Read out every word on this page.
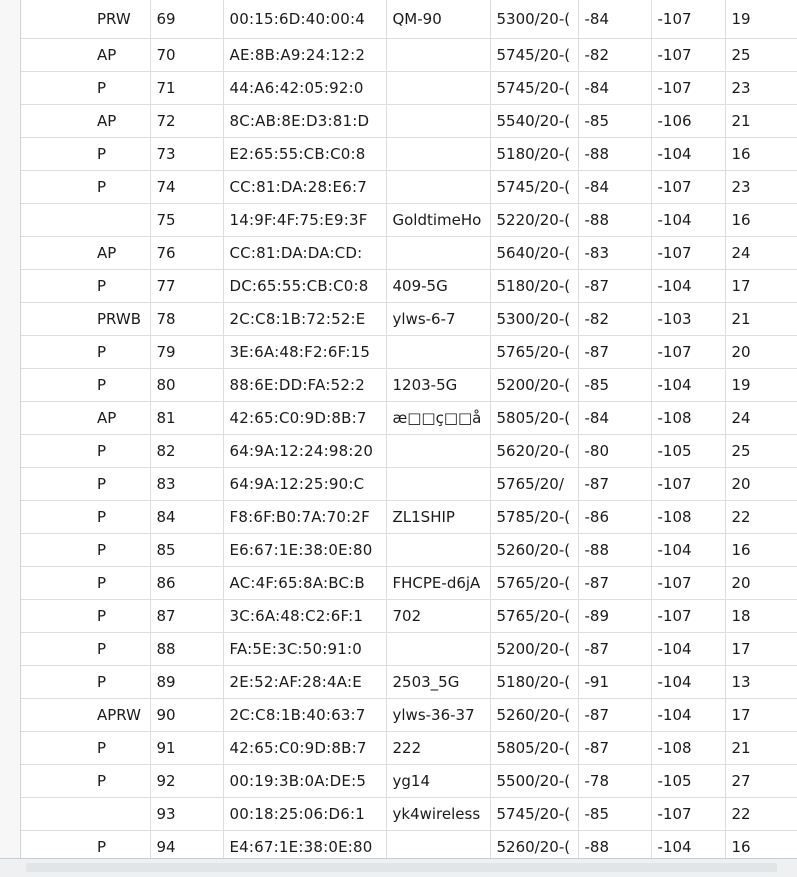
PRW	69	00:15:6D:40:00:4	QM-90	5300/20-(	-84	-107	19
AP	70	AE:8B:A9:24:12:2		5745/20-(	-82	-107	25
P	71	44:A6:42:05:92:0		5745/20-(	-84	-107	23
AP	72	8C:AB:8E:D3:81:D		5540/20-(	-85	-106	21
P	73	E2:65:55:CB:C0:8		5180/20-(	-88	-104	16
P	74	CC:81:DA:28:E6:7		5745/20-(	-84	-107	23
	75	14:9F:4F:75:E9:3F	GoldtimeHo	5220/20-(	-88	-104	16
AP	76	CC:81:DA:DA:CD:		5640/20-(	-83	-107	24
P	77	DC:65:55:CB:C0:8	409-5G	5180/20-(	-87	-104	17
PRWB	78	2C:C8:1B:72:52:E	ylws-6-7	5300/20-(	-82	-103	21
P	79	3E:6A:48:F2:6F:15		5765/20-(	-87	-107	20
P	80	88:6E:DD:FA:52:2	1203-5G	5200/20-(	-85	-104	19
AP	81	42:65:C0:9D:8B:7	æ□□ç□□å	5805/20-(	-84	-108	24
P	82	64:9A:12:24:98:20		5620/20-(	-80	-105	25
P	83	64:9A:12:25:90:C		5765/20/	-87	-107	20
P	84	F8:6F:B0:7A:70:2F	ZL1SHIP	5785/20-(	-86	-108	22
P	85	E6:67:1E:38:0E:80		5260/20-(	-88	-104	16
P	86	AC:4F:65:8A:BC:B	FHCPE-d6jA	5765/20-(	-87	-107	20
P	87	3C:6A:48:C2:6F:1	702	5765/20-(	-89	-107	18
P	88	FA:5E:3C:50:91:0		5200/20-(	-87	-104	17
P	89	2E:52:AF:28:4A:E	2503_5G	5180/20-(	-91	-104	13
APRW	90	2C:C8:1B:40:63:7	ylws-36-37	5260/20-(	-87	-104	17
P	91	42:65:C0:9D:8B:7	222	5805/20-(	-87	-108	21
P	92	00:19:3B:0A:DE:5	yg14	5500/20-(	-78	-105	27
	93	00:18:25:06:D6:1	yk4wireless	5745/20-(	-85	-107	22
P	94	E4:67:1E:38:0E:80		5260/20-(	-88	-104	16
